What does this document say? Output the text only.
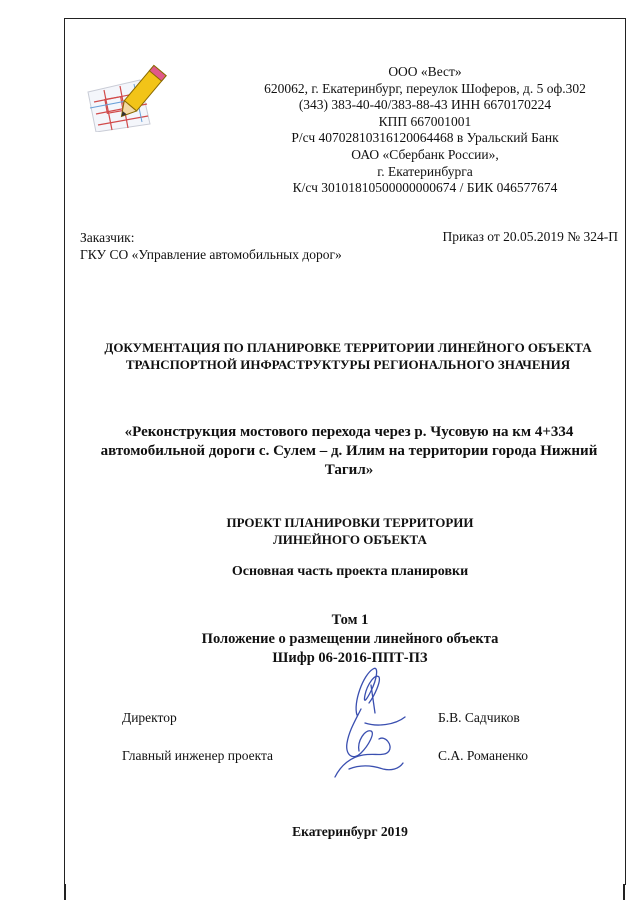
ООО «Вест»
620062, г. Екатеринбург, переулок Шоферов, д. 5 оф.302
(343) 383-40-40/383-88-43 ИНН 6670170224
КПП 667001001
Р/сч 40702810316120064468 в Уральский Банк
ОАО «Сбербанк России»,
г. Екатеринбурга
К/сч 30101810500000000674 / БИК 046577674
Заказчик:
ГКУ СО «Управление автомобильных дорог»
Приказ от 20.05.2019 № 324-П
ДОКУМЕНТАЦИЯ ПО ПЛАНИРОВКЕ ТЕРРИТОРИИ ЛИНЕЙНОГО ОБЪЕКТА ТРАНСПОРТНОЙ ИНФРАСТРУКТУРЫ РЕГИОНАЛЬНОГО ЗНАЧЕНИЯ
«Реконструкция мостового перехода через р. Чусовую на км 4+334 автомобильной дороги с. Сулем – д. Илим на территории города Нижний Тагил»
ПРОЕКТ ПЛАНИРОВКИ ТЕРРИТОРИИ
ЛИНЕЙНОГО ОБЪЕКТА
Основная часть проекта планировки
Том 1
Положение о размещении линейного объекта
Шифр 06-2016-ППТ-ПЗ
Директор	Б.В. Садчиков
Главный инженер проекта	С.А. Романенко
Екатеринбург 2019
